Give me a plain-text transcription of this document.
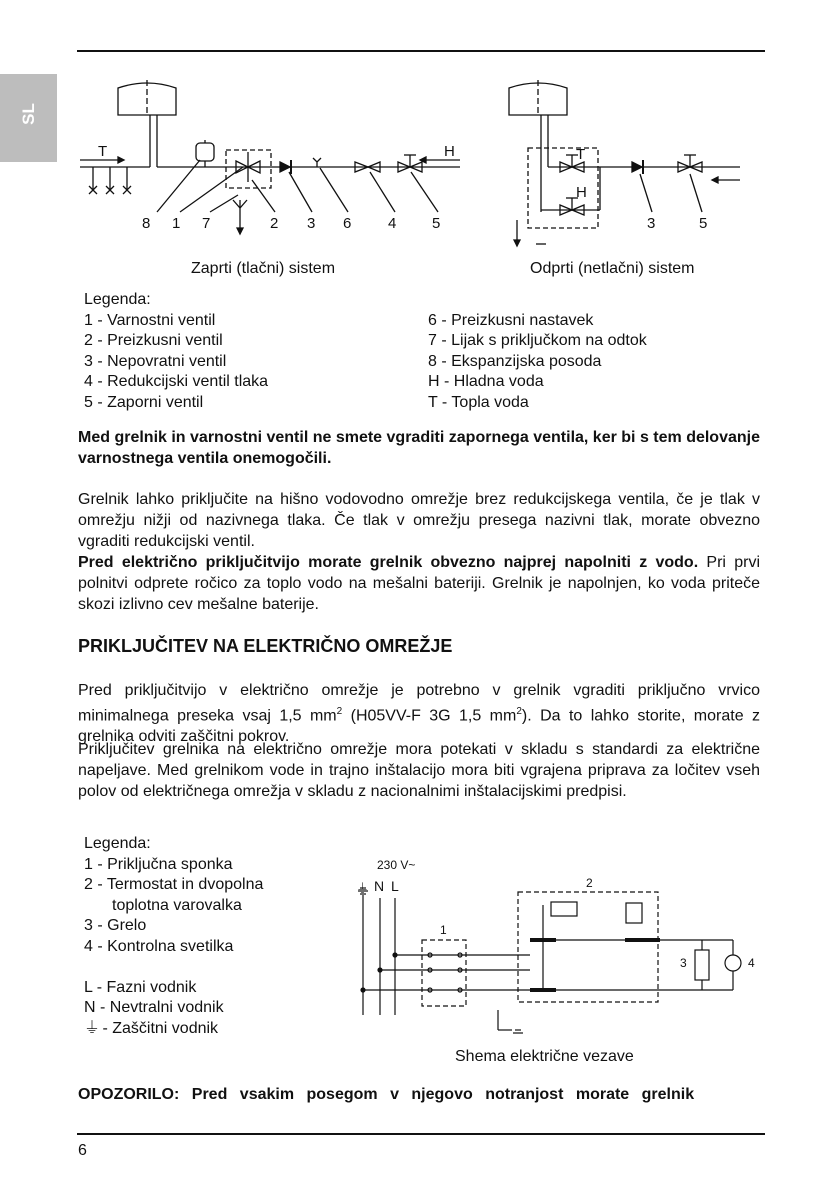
SL
T	H	T
H
8 1 7	2 3 6 4 5	3	5
Zaprti (tlačni) sistem	Odprti (netlačni) sistem
Legenda:
1 - Varnostni ventil
2 - Preizkusni ventil
3 - Nepovratni ventil
4 - Redukcijski ventil tlaka
5 - Zaporni ventil
6 - Preizkusni nastavek
7 - Lijak s priključkom na odtok
8 - Ekspanzijska posoda
H - Hladna voda
T - Topla voda
Med grelnik in varnostni ventil ne smete vgraditi zapornega ventila, ker bi s tem delovanje varnostnega ventila onemogočili.
Grelnik lahko priključite na hišno vodovodno omrežje brez redukcijskega ventila, če je tlak v omrežju nižji od nazivnega tlaka. Če tlak v omrežju presega nazivni tlak, morate obvezno vgraditi redukcijski ventil.
Pred električno priključitvijo morate grelnik obvezno najprej napolniti z vodo. Pri prvi polnitvi odprete ročico za toplo vodo na mešalni bateriji. Grelnik je napolnjen, ko voda priteče skozi izlivno cev mešalne baterije.
PRIKLJUČITEV NA ELEKTRIČNO OMREŽJE
Pred priključitvijo v električno omrežje je potrebno v grelnik vgraditi priključno vrvico minimalnega preseka vsaj 1,5 $mm^2$ (H05VV-F 3G 1,5 $mm^2$). Da to lahko storite, morate z grelnika odviti zaščitni pokrov.
Priključitev grelnika na električno omrežje mora potekati v skladu s standardi za električne napeljave. Med grelnikom vode in trajno inštalacijo mora biti vgrajena priprava za ločitev vseh polov od električnega omrežja v skladu z nacionalnimi inštalacijskimi predpisi.
Legenda:
1 - Priključna sponka
2 - Termostat in dvopolna
toplotna varovalka
3 - Grelo
4 - Kontrolna svetilka
L - Fazni vodnik
N - Nevtralni vodnik
⏚ - Zaščitni vodnik
230 V~
⏚ N L
1
2
3	4
Shema električne vezave
OPOZORILO: Pred vsakim posegom v njegovo notranjost morate grelnik
6
